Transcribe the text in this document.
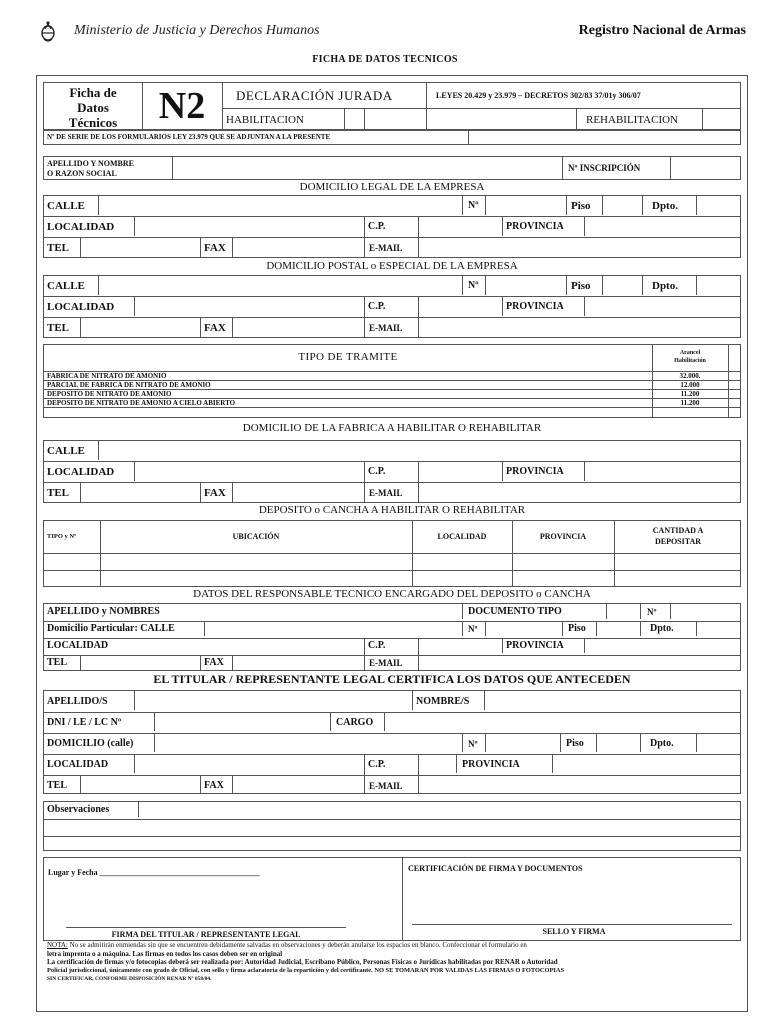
Ministerio de Justicia y Derechos Humanos	Registro Nacional de Armas
FICHA DE DATOS TECNICOS
Ficha de
Datos
Técnicos	N2	DECLARACIÓN JURADA	LEYES 20.429 y 23.979 – DECRETOS 302/83 37/01y 306/07
HABILITACION	REHABILITACION
Nº DE SERIE DE LOS FORMULARIOS LEY 23.979 QUE SE ADJUNTAN A LA PRESENTE
APELLIDO Y NOMBRE
O RAZON SOCIAL
Nº INSCRIPCIÓN
DOMICILIO LEGAL DE LA EMPRESA
CALLE	Nº	Piso	Dpto.
LOCALIDAD	C.P.	PROVINCIA
TEL	FAX	E-MAIL
DOMICILIO POSTAL o ESPECIAL DE LA EMPRESA
CALLE	Nº	Piso	Dpto.
LOCALIDAD	C.P.	PROVINCIA
TEL	FAX	E-MAIL
TIPO DE TRAMITE	Arancel
Habilitación
FABRICA DE NITRATO DE AMONIO	32.000.
PARCIAL DE FABRICA DE NITRATO DE AMONIO	12.000
DEPOSITO DE NITRATO DE AMONIO	11.200
DEPOSITO DE NITRATO DE AMONIO A CIELO ABIERTO	11.200
DOMICILIO DE LA FABRICA A HABILITAR O REHABILITAR
CALLE
LOCALIDAD	C.P.	PROVINCIA
TEL	FAX	E-MAIL
DEPOSITO o CANCHA A HABILITAR O REHABILITAR
TIPO y Nº	UBICACIÓN	LOCALIDAD	PROVINCIA
CANTIDAD A
DEPOSITAR
DATOS DEL RESPONSABLE TECNICO ENCARGADO DEL DEPOSITO o CANCHA
APELLIDO y NOMBRES	DOCUMENTO TIPO	Nº
Domicilio Particular: CALLE	Nº	Piso	Dpto.
LOCALIDAD	C.P.	PROVINCIA
TEL	FAX	E-MAIL
EL TITULAR / REPRESENTANTE LEGAL CERTIFICA LOS DATOS QUE ANTECEDEN
APELLIDO/S	NOMBRE/S
DNI / LE / LC Nº	CARGO
DOMICILIO (calle)	Nº	Piso	Dpto.
LOCALIDAD	C.P.	PROVINCIA
TEL	FAX	E-MAIL
Observaciones
Lugar y Fecha ________________________________________	CERTIFICACIÓN DE FIRMA Y DOCUMENTOS
FIRMA DEL TITULAR / REPRESENTANTE LEGAL	SELLO Y FIRMA
NOTA: No se admitirán enmiendas sin que se encuentren debidamente salvadas en observaciones y deberán anularse los espacios en blanco. Confeccionar el formulario en
letra imprenta o a máquina. Las firmas en todos los casos deben ser en original
La certificación de firmas y/o fotocopias deberá ser realizada por: Autoridad Judicial, Escribano Público, Personas Físicas o Jurídicas habilitadas por RENAR o Autoridad
Policial jurisdiccional, únicamente con grado de Oficial, con sello y firma aclaratoria de la repartición y del certificante. NO SE TOMARAN POR VALIDAS LAS FIRMAS O FOTOCOPIAS
SIN CERTIFICAR, CONFORME DISPOSICIÓN RENAR Nº 058/04.
